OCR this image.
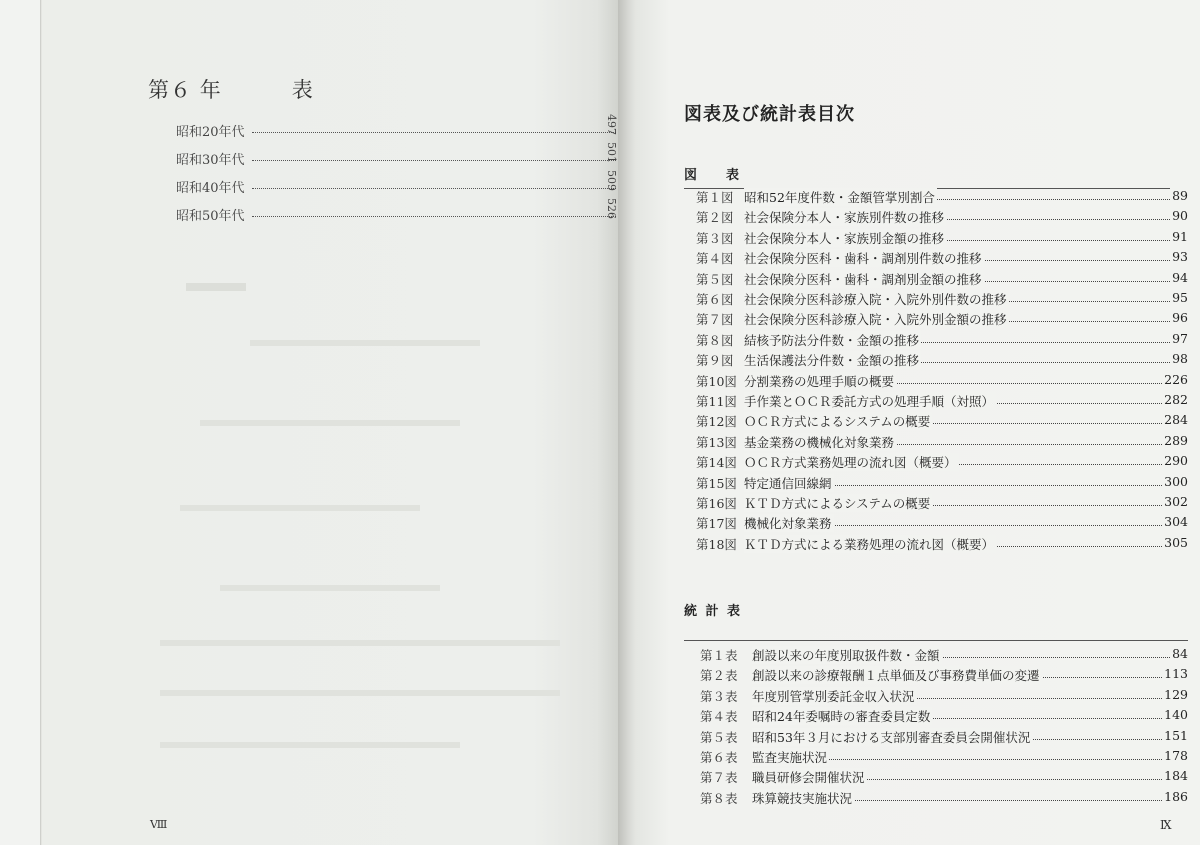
第６ 年	表
昭和20年代	497
昭和30年代	501
昭和40年代	509
昭和50年代	526
Ⅷ
図表及び統計表目次
図　表
第１図 昭和52年度件数・金額管掌別割合	89
第２図 社会保険分本人・家族別件数の推移	90
第３図 社会保険分本人・家族別金額の推移	91
第４図 社会保険分医科・歯科・調剤別件数の推移	93
第５図 社会保険分医科・歯科・調剤別金額の推移	94
第６図 社会保険分医科診療入院・入院外別件数の推移	95
第７図 社会保険分医科診療入院・入院外別金額の推移	96
第８図 結核予防法分件数・金額の推移	97
第９図 生活保護法分件数・金額の推移	98
第10図 分割業務の処理手順の概要	226
第11図 手作業とＯＣＲ委託方式の処理手順（対照）	282
第12図 ＯＣＲ方式によるシステムの概要	284
第13図 基金業務の機械化対象業務	289
第14図 ＯＣＲ方式業務処理の流れ図（概要）	290
第15図 特定通信回線網	300
第16図 ＫＴＤ方式によるシステムの概要	302
第17図 機械化対象業務	304
第18図 ＫＴＤ方式による業務処理の流れ図（概要）	305
統 計 表
第１表 創設以来の年度別取扱件数・金額	84
第２表 創設以来の診療報酬１点単価及び事務費単価の変遷	113
第３表 年度別管掌別委託金収入状況	129
第４表 昭和24年委嘱時の審査委員定数	140
第５表 昭和53年３月における支部別審査委員会開催状況	151
第６表 監査実施状況	178
第７表 職員研修会開催状況	184
第８表 珠算競技実施状況	186
Ⅸ
